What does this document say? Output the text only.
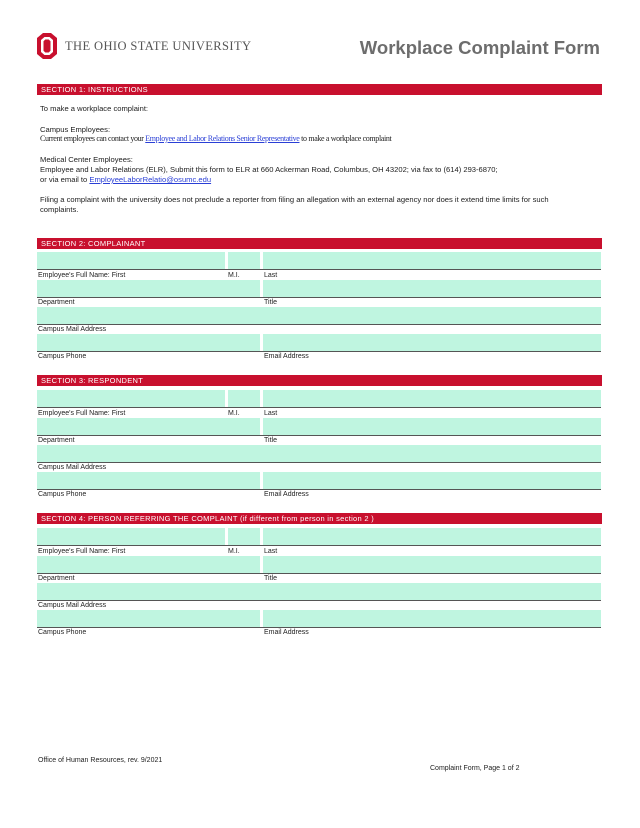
THE OHIO STATE UNIVERSITY	Workplace Complaint Form
SECTION 1: INSTRUCTIONS
To make a workplace complaint:
Campus Employees:
Current employees can contact your Employee and Labor Relations Senior Representative to make a workplace complaint
Medical Center Employees:
Employee and Labor Relations (ELR), Submit this form to ELR at 660 Ackerman Road, Columbus, OH 43202; via fax to (614) 293-6870;
or via email to EmployeeLaborRelatio@osumc.edu
Filing a complaint with the university does not preclude a reporter from filing an allegation with an external agency nor does it extend time limits for such
complaints.
SECTION 2: COMPLAINANT
Employee's Full Name: First	M.I.	Last
Department	Title
Campus Mail Address
Campus Phone	Email Address
SECTION 3: RESPONDENT
Employee's Full Name: First	M.I.	Last
Department	Title
Campus Mail Address
Campus Phone	Email Address
SECTION 4: PERSON REFERRING THE COMPLAINT (if different from person in section 2 )
Employee's Full Name: First	M.I.	Last
Department	Title
Campus Mail Address
Campus Phone	Email Address
Office of Human Resources, rev. 9/2021
Complaint Form, Page 1 of 2
